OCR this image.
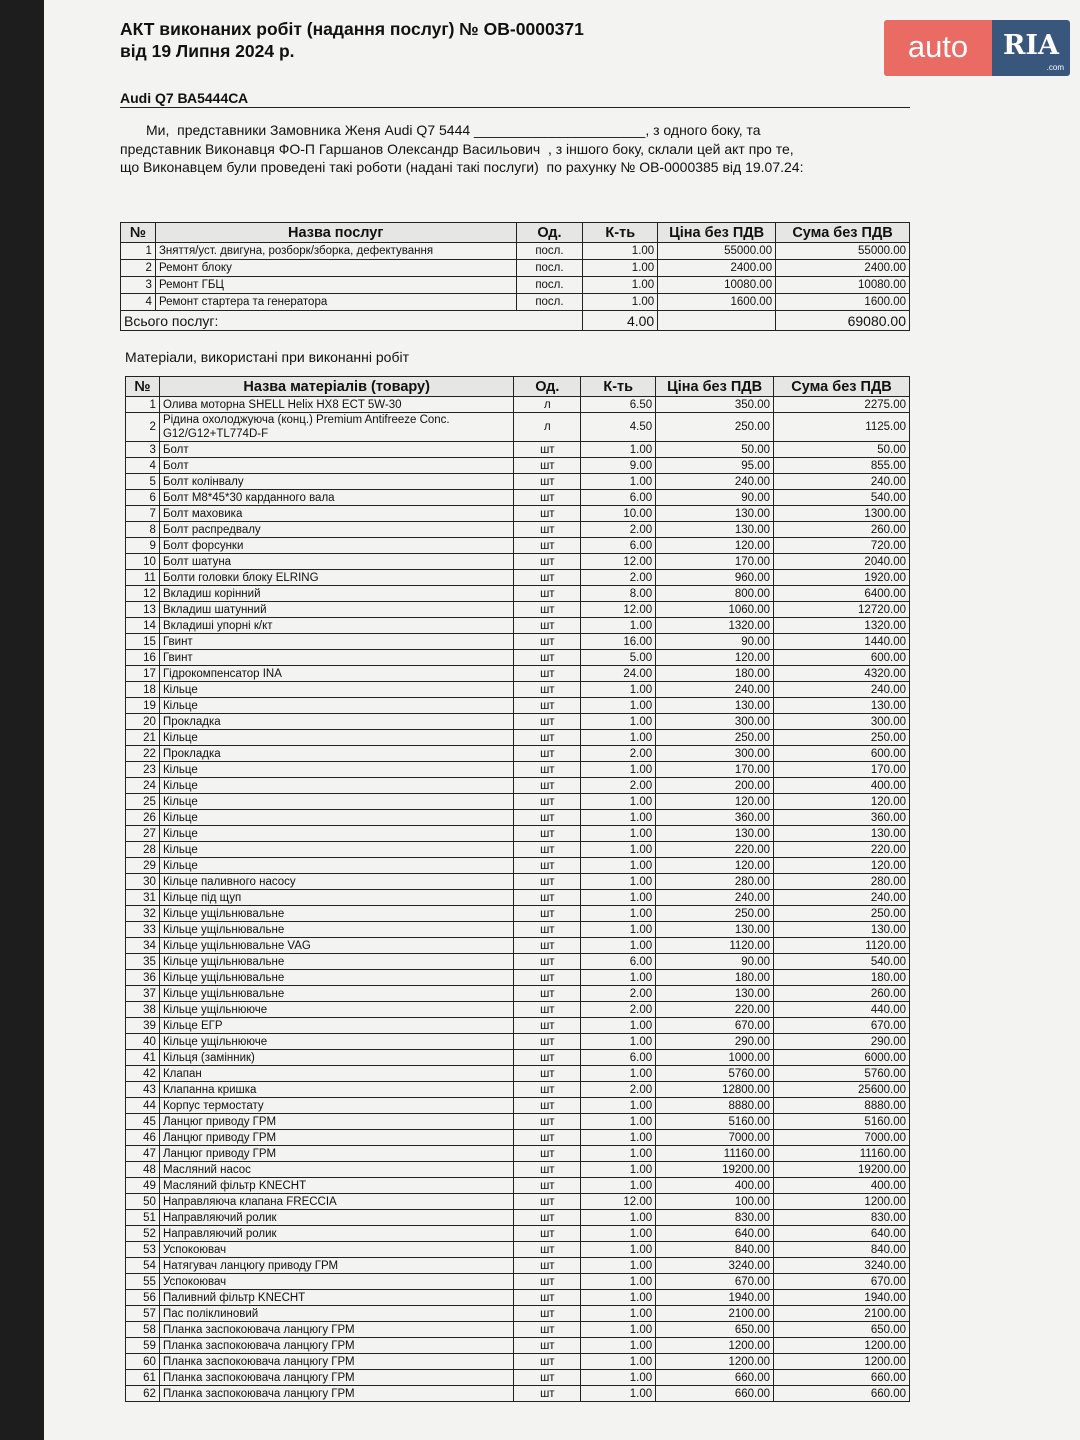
АКТ виконаних робіт (надання послуг) № ОВ-0000371
від 19 Липня 2024 р.	auto	RIA
.com
Audi Q7 ВА5444СА

Ми,  представники Замовника Женя Audi Q7 5444 ______________________, з одного боку, та

представник Виконавця ФО-П Гаршанов Олександр Васильович  , з іншого боку, склали цей акт про те,

що Виконавцем були проведені такі роботи (надані такі послуги)  по рахунку № ОВ-0000385 від 19.07.24:

№	Назва послуг	Од.	К-ть	Ціна без ПДВ	Сума без ПДВ
1	Зняття/уст. двигуна, розборк/зборка, дефектування	посл.	1.00	55000.00	55000.00
2	Ремонт блоку	посл.	1.00	2400.00	2400.00
3	Ремонт ГБЦ	посл.	1.00	10080.00	10080.00
4	Ремонт стартера та генератора	посл.	1.00	1600.00	1600.00
Всього послуг:			4.00		69080.00
Матеріали, використані при виконанні робіт
№	Назва матеріалів (товару)	Од.	К-ть	Ціна без ПДВ	Сума без ПДВ
1	Олива моторна SHELL Helix HX8 ECT 5W-30	л	6.50	350.00	2275.00
2	Рідина охолоджуюча (конц.) Premium Antifreeze Conc. G12/G12+TL774D-F	л	4.50	250.00	1125.00
3	Болт	шт	1.00	50.00	50.00
4	Болт	шт	9.00	95.00	855.00
5	Болт колінвалу	шт	1.00	240.00	240.00
6	Болт М8*45*30 карданного вала	шт	6.00	90.00	540.00
7	Болт маховика	шт	10.00	130.00	1300.00
8	Болт распредвалу	шт	2.00	130.00	260.00
9	Болт форсунки	шт	6.00	120.00	720.00
10	Болт шатуна	шт	12.00	170.00	2040.00
11	Болти головки блоку ELRING	шт	2.00	960.00	1920.00
12	Вкладиш корінний	шт	8.00	800.00	6400.00
13	Вкладиш шатунний	шт	12.00	1060.00	12720.00
14	Вкладиші упорні к/кт	шт	1.00	1320.00	1320.00
15	Гвинт	шт	16.00	90.00	1440.00
16	Гвинт	шт	5.00	120.00	600.00
17	Гідрокомпенсатор INA	шт	24.00	180.00	4320.00
18	Кільце	шт	1.00	240.00	240.00
19	Кільце	шт	1.00	130.00	130.00
20	Прокладка	шт	1.00	300.00	300.00
21	Кільце	шт	1.00	250.00	250.00
22	Прокладка	шт	2.00	300.00	600.00
23	Кільце	шт	1.00	170.00	170.00
24	Кільце	шт	2.00	200.00	400.00
25	Кільце	шт	1.00	120.00	120.00
26	Кільце	шт	1.00	360.00	360.00
27	Кільце	шт	1.00	130.00	130.00
28	Кільце	шт	1.00	220.00	220.00
29	Кільце	шт	1.00	120.00	120.00
30	Кільце паливного насосу	шт	1.00	280.00	280.00
31	Кільце під щуп	шт	1.00	240.00	240.00
32	Кільце ущільнювальне	шт	1.00	250.00	250.00
33	Кільце ущільнювальне	шт	1.00	130.00	130.00
34	Кільце ущільнювальне VAG	шт	1.00	1120.00	1120.00
35	Кільце ущільнювальне	шт	6.00	90.00	540.00
36	Кільце ущільнювальне	шт	1.00	180.00	180.00
37	Кільце ущільнювальне	шт	2.00	130.00	260.00
38	Кільце ущільнююче	шт	2.00	220.00	440.00
39	Кільце ЕГР	шт	1.00	670.00	670.00
40	Кільце ущільнююче	шт	1.00	290.00	290.00
41	Кільця (замінник)	шт	6.00	1000.00	6000.00
42	Клапан	шт	1.00	5760.00	5760.00
43	Клапанна кришка	шт	2.00	12800.00	25600.00
44	Корпус термостату	шт	1.00	8880.00	8880.00
45	Ланцюг приводу ГРМ	шт	1.00	5160.00	5160.00
46	Ланцюг приводу ГРМ	шт	1.00	7000.00	7000.00
47	Ланцюг приводу ГРМ	шт	1.00	11160.00	11160.00
48	Масляний насос	шт	1.00	19200.00	19200.00
49	Масляний фільтр KNECHT	шт	1.00	400.00	400.00
50	Направляюча клапана FRECCIA	шт	12.00	100.00	1200.00
51	Направляючий ролик	шт	1.00	830.00	830.00
52	Направляючий ролик	шт	1.00	640.00	640.00
53	Успокоювач	шт	1.00	840.00	840.00
54	Натягувач ланцюгу приводу ГРМ	шт	1.00	3240.00	3240.00
55	Успокоювач	шт	1.00	670.00	670.00
56	Паливний фільтр KNECHT	шт	1.00	1940.00	1940.00
57	Пас поліклиновий	шт	1.00	2100.00	2100.00
58	Планка заспокоювача ланцюгу ГРМ	шт	1.00	650.00	650.00
59	Планка заспокоювача ланцюгу ГРМ	шт	1.00	1200.00	1200.00
60	Планка заспокоювача ланцюгу ГРМ	шт	1.00	1200.00	1200.00
61	Планка заспокоювача ланцюгу ГРМ	шт	1.00	660.00	660.00
62	Планка заспокоювача ланцюгу ГРМ	шт	1.00	660.00	660.00
